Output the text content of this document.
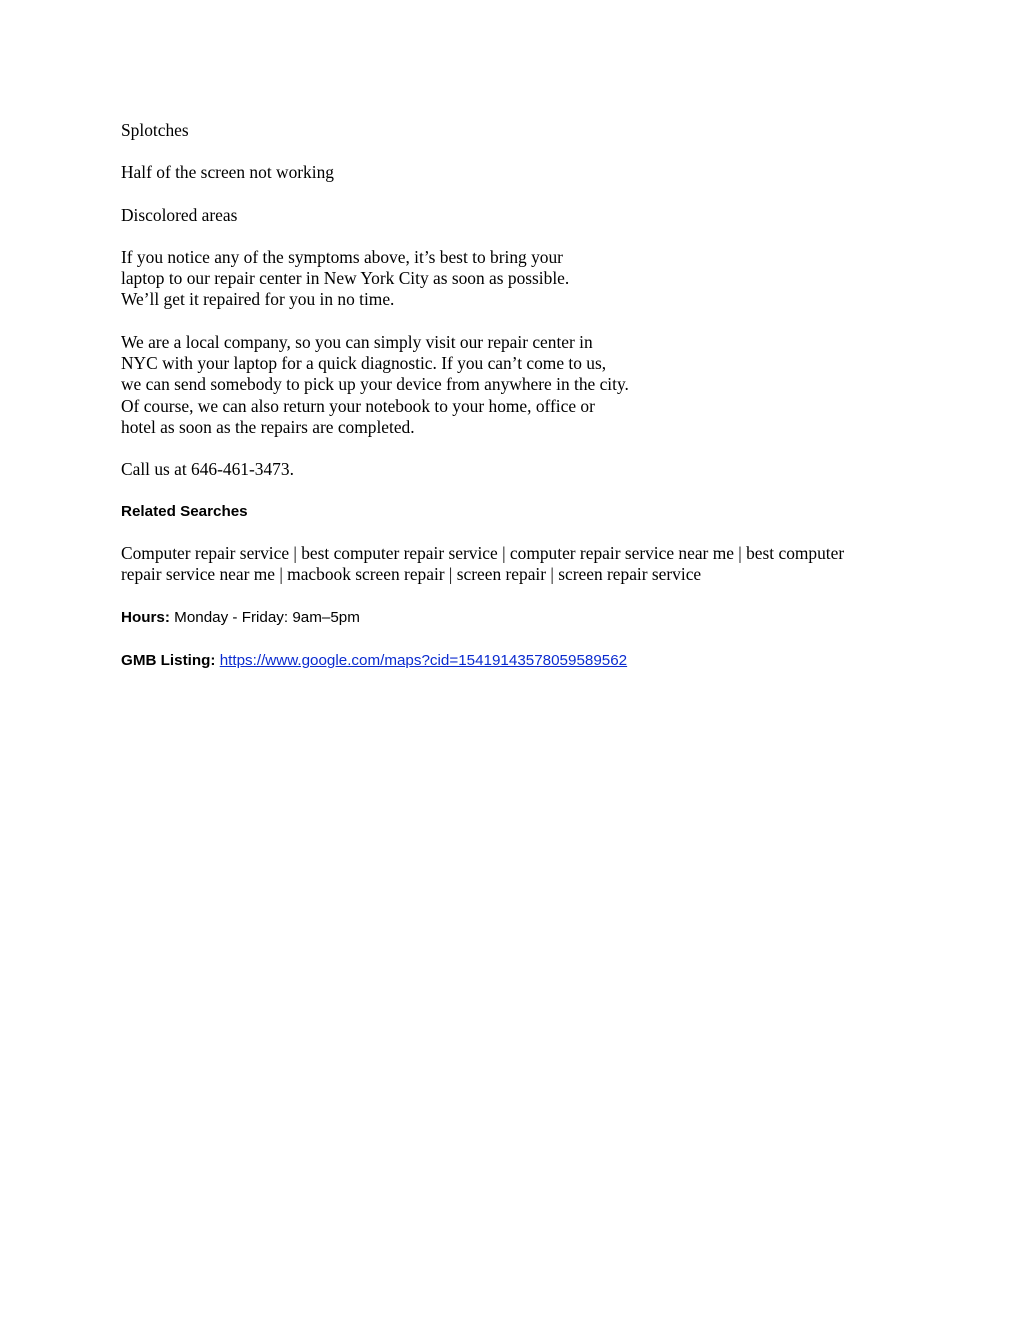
Splotches

Half of the screen not working

Discolored areas

If you notice any of the symptoms above, it’s best to bring your
laptop to our repair center in New York City as soon as possible.
We’ll get it repaired for you in no time.

We are a local company, so you can simply visit our repair center in
NYC with your laptop for a quick diagnostic. If you can’t come to us,
we can send somebody to pick up your device from anywhere in the city.
Of course, we can also return your notebook to your home, office or
hotel as soon as the repairs are completed.

Call us at 646-461-3473.

Related Searches

Computer repair service | best computer repair service | computer repair service near me | best computer
repair service near me | macbook screen repair | screen repair | screen repair service

Hours: Monday - Friday: 9am–5pm

GMB Listing: https://www.google.com/maps?cid=15419143578059589562
